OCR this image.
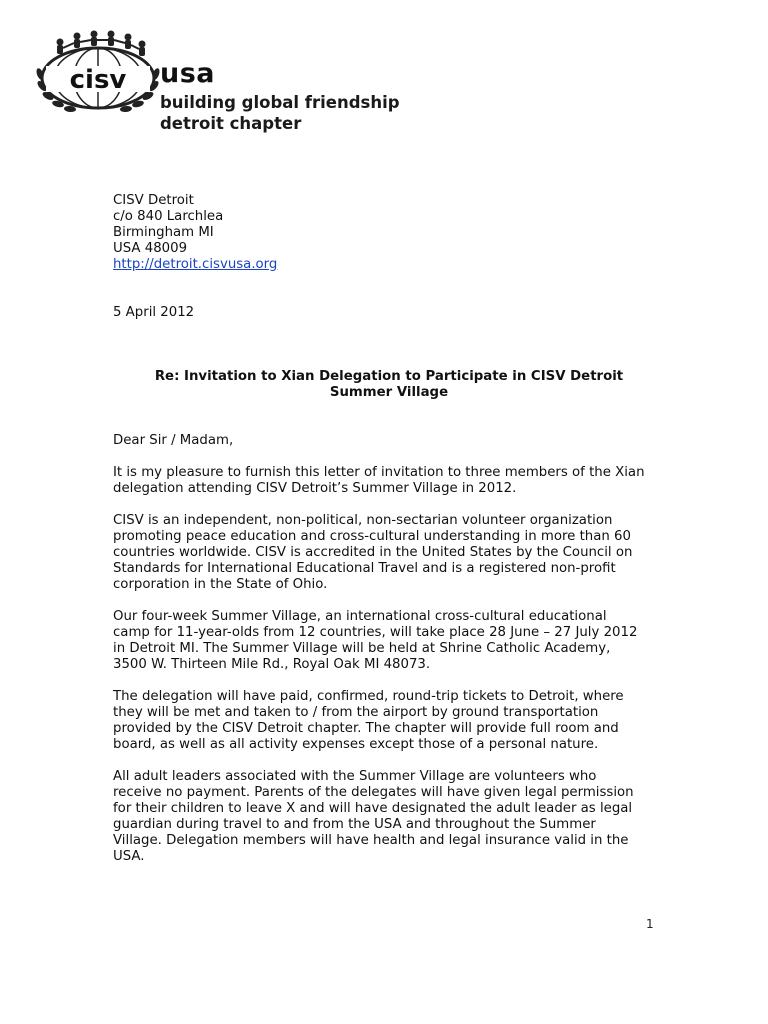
cisv usa
building global friendship
detroit chapter
CISV Detroit
c/o 840 Larchlea
Birmingham MI
USA 48009
http://detroit.cisvusa.org
5 April 2012
Re: Invitation to Xian Delegation to Participate in CISV Detroit
Summer Village
Dear Sir / Madam,
It is my pleasure to furnish this letter of invitation to three members of the Xian
delegation attending CISV Detroit’s Summer Village in 2012.
CISV is an independent, non-political, non-sectarian volunteer organization
promoting peace education and cross-cultural understanding in more than 60
countries worldwide. CISV is accredited in the United States by the Council on
Standards for International Educational Travel and is a registered non-profit
corporation in the State of Ohio.
Our four-week Summer Village, an international cross-cultural educational
camp for 11-year-olds from 12 countries, will take place 28 June – 27 July 2012
in Detroit MI. The Summer Village will be held at Shrine Catholic Academy,
3500 W. Thirteen Mile Rd., Royal Oak MI 48073.
The delegation will have paid, confirmed, round-trip tickets to Detroit, where
they will be met and taken to / from the airport by ground transportation
provided by the CISV Detroit chapter. The chapter will provide full room and
board, as well as all activity expenses except those of a personal nature.
All adult leaders associated with the Summer Village are volunteers who
receive no payment. Parents of the delegates will have given legal permission
for their children to leave X and will have designated the adult leader as legal
guardian during travel to and from the USA and throughout the Summer
Village. Delegation members will have health and legal insurance valid in the
USA.
1
